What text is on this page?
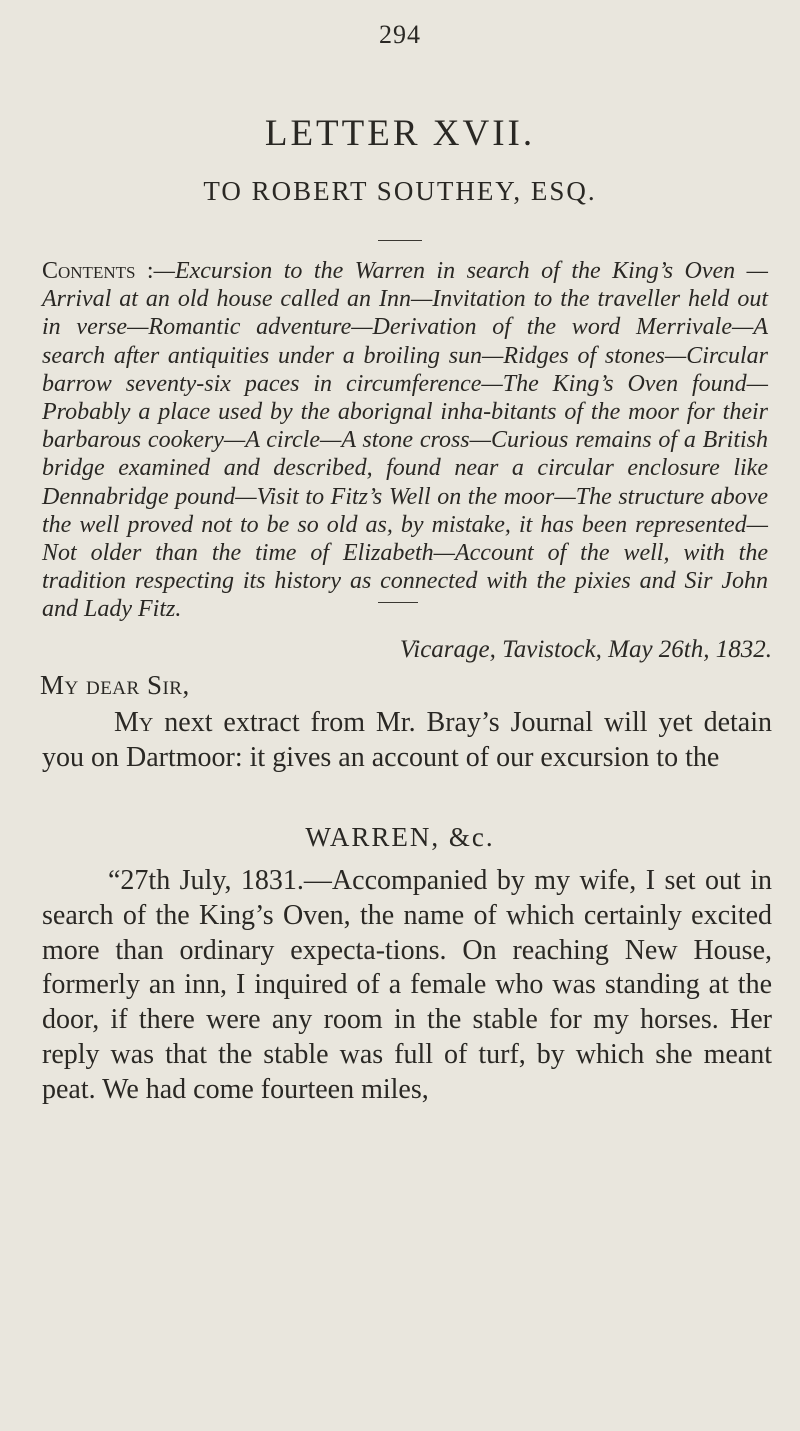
294
LETTER XVII.
TO ROBERT SOUTHEY, ESQ.

Contents :—Excursion to the Warren in search of the King’s Oven —Arrival at an old house called an Inn—Invitation to the traveller held out in verse—Romantic adventure—Derivation of the word Merrivale—A search after antiquities under a broiling sun—Ridges of stones—Circular barrow seventy-six paces in circumference—The King’s Oven found—Probably a place used by the aborignal inha-bitants of the moor for their barbarous cookery—A circle—A stone cross—Curious remains of a British bridge examined and described, found near a circular enclosure like Dennabridge pound—Visit to Fitz’s Well on the moor—The structure above the well proved not to be so old as, by mistake, it has been represented—Not older than the time of Elizabeth—Account of the well, with the tradition respecting its history as connected with the pixies and Sir John and Lady Fitz.

Vicarage, Tavistock, May 26th, 1832.
My dear Sir,

My next extract from Mr. Bray’s Journal will yet detain you on Dartmoor: it gives an account of our excursion to the

WARREN, &c.

“27th July, 1831.—Accompanied by my wife, I set out in search of the King’s Oven, the name of which certainly excited more than ordinary expecta-tions. On reaching New House, formerly an inn, I inquired of a female who was standing at the door, if there were any room in the stable for my horses. Her reply was that the stable was full of turf, by which she meant peat. We had come fourteen miles,
